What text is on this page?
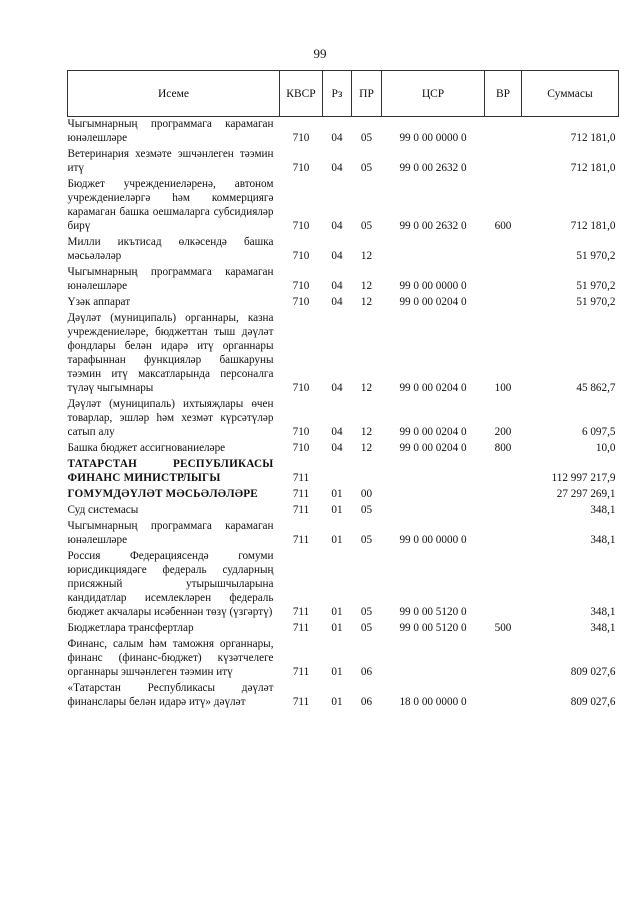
99
Исеме	КВСР	Рз	ПР	ЦСР	ВР	Суммасы
Чыгымнарның программага карамаган юнәлешләре	710	04	05	99 0 00 0000 0		712 181,0
Ветеринария хезмәте эшчәнлеген тәэмин итү	710	04	05	99 0 00 2632 0		712 181,0
Бюджет учреждениеләренә, автоном учреждениеләргә һәм коммерциягә карамаган башка оешмаларга субсидияләр бирү	710	04	05	99 0 00 2632 0	600	712 181,0
Милли икътисад өлкәсендә башка мәсьәләләр	710	04	12			51 970,2
Чыгымнарның программага карамаган юнәлешләре	710	04	12	99 0 00 0000 0		51 970,2
Үзәк аппарат	710	04	12	99 0 00 0204 0		51 970,2
Дәүләт (муниципаль) органнары, казна учреждениеләре, бюджеттан тыш дәүләт фондлары белән идарә итү органнары тарафыннан функцияләр башкаруны тәэмин итү максатларында персоналга түләү чыгымнары	710	04	12	99 0 00 0204 0	100	45 862,7
Дәүләт (муниципаль) ихтыяҗлары өчен товарлар, эшләр һәм хезмәт күрсәтүләр сатып алу	710	04	12	99 0 00 0204 0	200	6 097,5
Башка бюджет ассигнованиеләре	710	04	12	99 0 00 0204 0	800	10,0
ТАТАРСТАН РЕСПУБЛИКАСЫ ФИНАНС МИНИСТРЛЫГЫ	711					112 997 217,9
ГОМУМДӘҮЛӘТ МӘСЬӘЛӘЛӘРЕ	711	01	00			27 297 269,1
Суд системасы	711	01	05			348,1
Чыгымнарның программага карамаган юнәлешләре	711	01	05	99 0 00 0000 0		348,1
Россия Федерациясендә гомуми юрисдикциядәге федераль судларның присяжный утырышчыларына кандидатлар исемлекләрен федераль бюджет акчалары исәбеннән төзү (үзгәртү)	711	01	05	99 0 00 5120 0		348,1
Бюджетлара трансфертлар	711	01	05	99 0 00 5120 0	500	348,1
Финанс, салым һәм таможня органнары, финанс (финанс-бюджет) күзәтчелеге органнары эшчәнлеген тәэмин итү	711	01	06			809 027,6
«Татарстан Республикасы дәүләт финанслары белән идарә итү» дәүләт	711	01	06	18 0 00 0000 0		809 027,6
